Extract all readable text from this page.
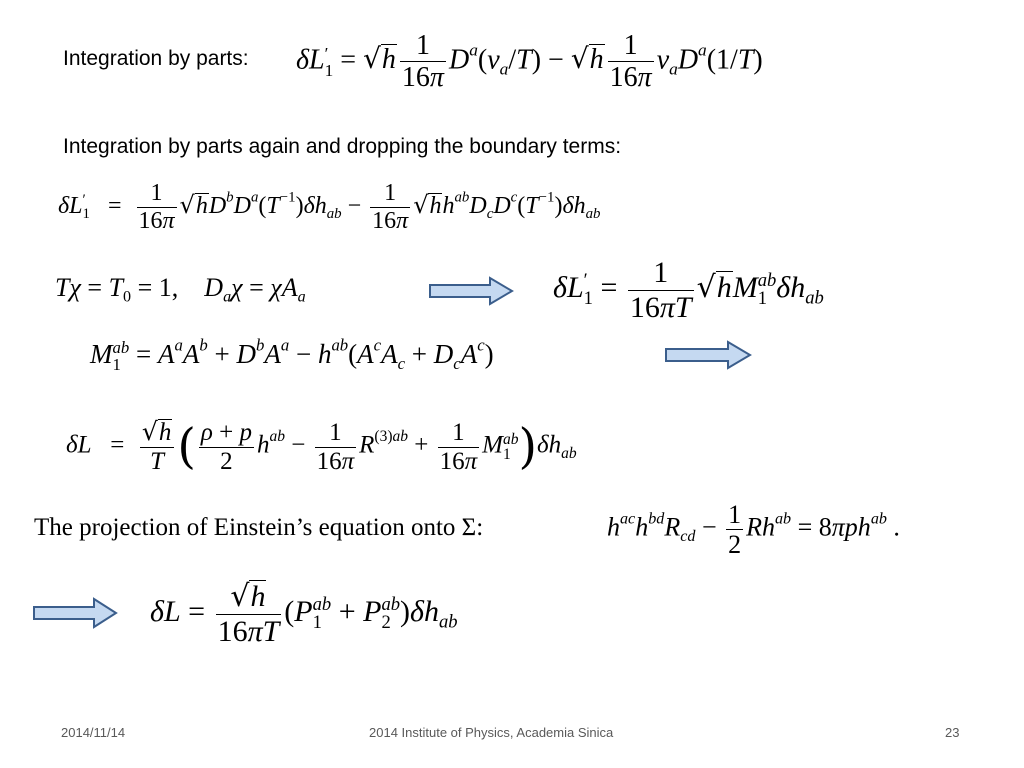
Integration by parts: δL ′
$1 = √h \frac{1}{16\pi} D^a(v_a/T) - √h \frac{1}{16\pi} v_aD^a(1/T)$
Integration by parts again and dropping the boundary terms:
δL ′
$1 = \frac{1}{16\pi} √hD^bD^a(T^{-1})\delta h_{ab} - \frac{1}{16\pi} √hh^{ab}D_cD^c(T^{-1})\delta h_{ab}$
$T\chi = T_0 = 1$,    $D_a\chi = \chi A_a$	δL ′
$1 = \frac{1}{16\pi T} √hM$ ab
1 $\delta h_{ab}$
M ab
$1 = A^aA^b + D^bA^a - h^{ab}(A^cA_c + D_cA^c)$
$\delta L = \frac{√h}{T}$ ( $\frac{\rho + p}{2} h^{ab} - \frac{1}{16\pi} R^{(3)ab} + \frac{1}{16\pi}$ M ab
1 )$\delta h_{ab}$
The projection of Einstein’s equation onto Σ:	$h^{ac}h^{bd}R_{cd} - \frac{1}{2} Rh^{ab} = 8\pi ph^{ab}$ .
$\delta L = \frac{√h}{16\pi T} (P$ ab
1 + P ab
2 )$\delta h_{ab}$
2014/11/14	2014 Institute of Physics, Academia Sinica	23
